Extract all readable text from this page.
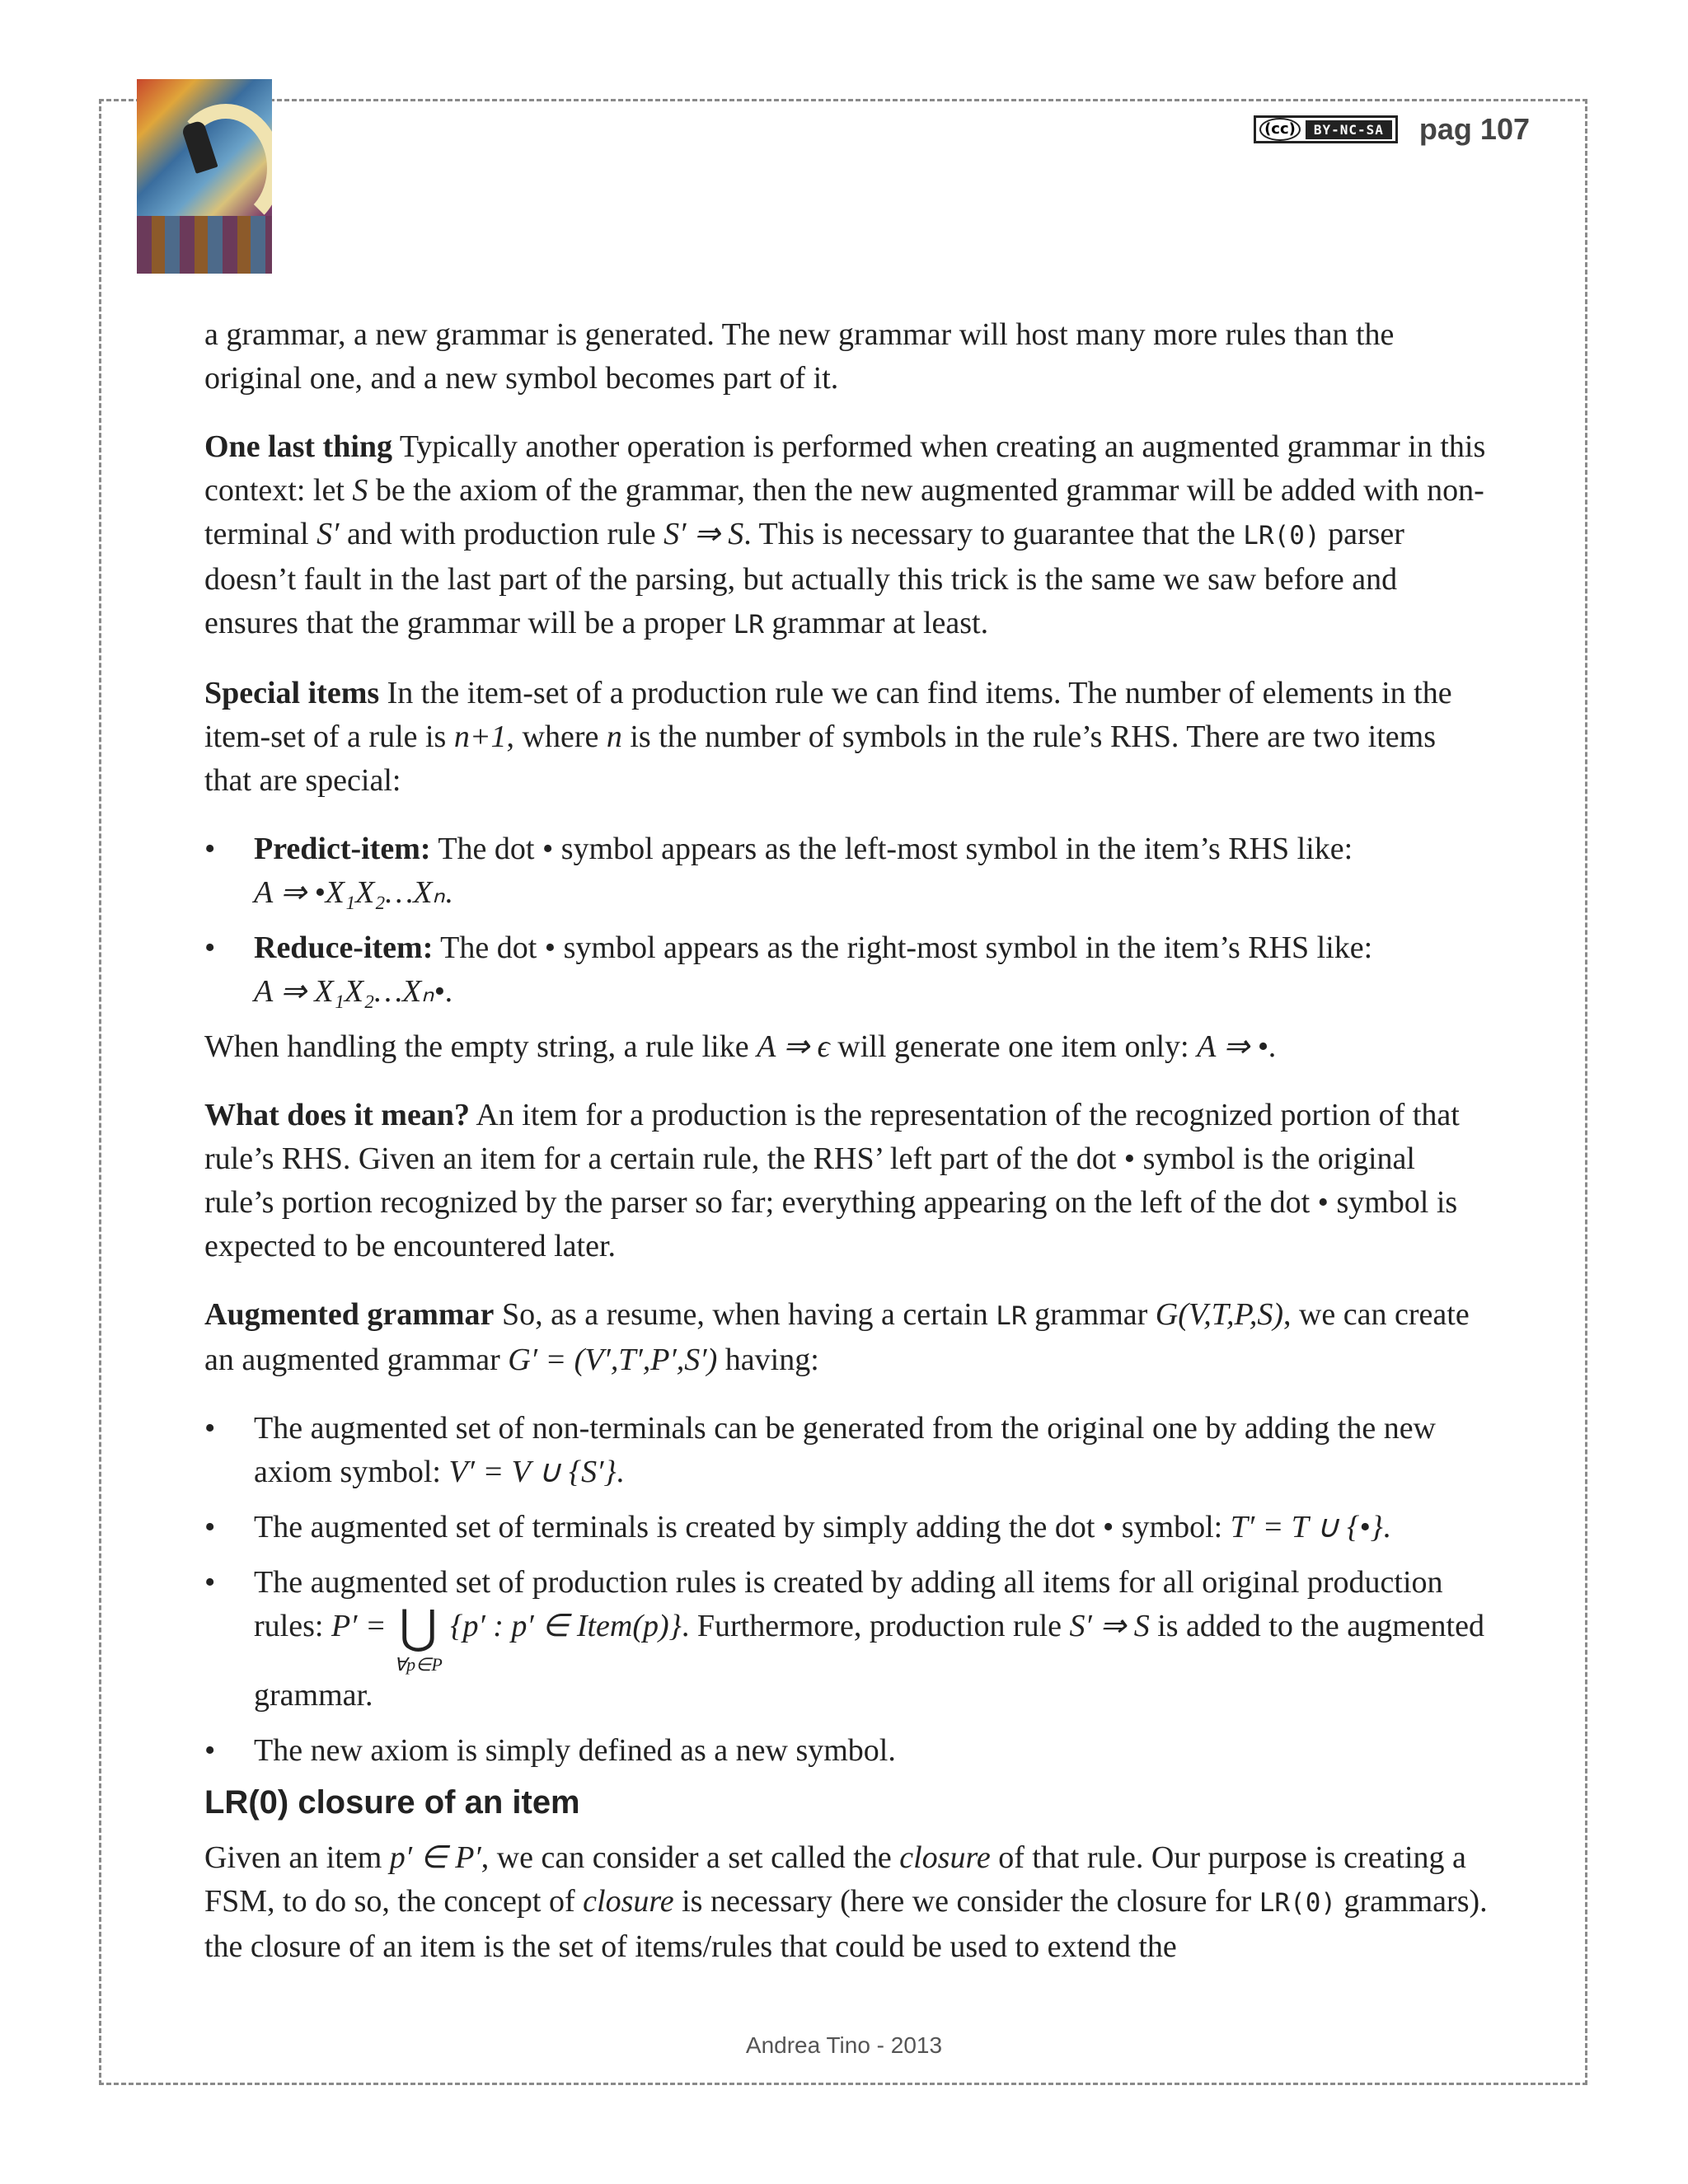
(cc)	BY-NC-SA pag 107

a grammar, a new grammar is generated. The new grammar will host many more rules than the original one, and a new symbol becomes part of it.

One last thing Typically another operation is performed when creating an augmented grammar in this context: let S be the axiom of the grammar, then the new augmented grammar will be added with non-terminal S′ and with production rule S′ ⇒ S. This is necessary to guarantee that the LR(0) parser doesn’t fault in the last part of the parsing, but actually this trick is the same we saw before and ensures that the grammar will be a proper LR grammar at least.

Special items In the item-set of a production rule we can find items. The number of elements in the item-set of a rule is n+1, where n is the number of symbols in the rule’s RHS. There are two items that are special:

• Predict-item: The dot • symbol appears as the left-most symbol in the item’s RHS like:
A ⇒ •X₁X₂…Xₙ.
• Reduce-item: The dot • symbol appears as the right-most symbol in the item’s RHS like:
A ⇒ X₁X₂…Xₙ•.

When handling the empty string, a rule like A ⇒ ϵ will generate one item only: A ⇒ •.

What does it mean? An item for a production is the representation of the recognized portion of that rule’s RHS. Given an item for a certain rule, the RHS’ left part of the dot • symbol is the original rule’s portion recognized by the parser so far; everything appearing on the left of the dot • symbol is expected to be encountered later.

Augmented grammar So, as a resume, when having a certain LR grammar G(V,T,P,S), we can create an augmented grammar G′ = (V′,T′,P′,S′) having:

• The augmented set of non-terminals can be generated from the original one by adding the new axiom symbol: V′ = V ∪ {S′}.
• The augmented set of terminals is created by simply adding the dot • symbol: T′ = T ∪ {•}.
• The augmented set of production rules is created by adding all items for all original production rules: P′ = ⋃
∀p∈P
{p′ : p′ ∈ Item(p)}. Furthermore, production rule S′ ⇒ S is added to the augmented grammar.
• The new axiom is simply defined as a new symbol.
LR(0) closure of an item

Given an item p′ ∈ P′, we can consider a set called the closure of that rule. Our purpose is creating a FSM, to do so, the concept of closure is necessary (here we consider the closure for LR(0) grammars). the closure of an item is the set of items/rules that could be used to extend the

Andrea Tino - 2013
